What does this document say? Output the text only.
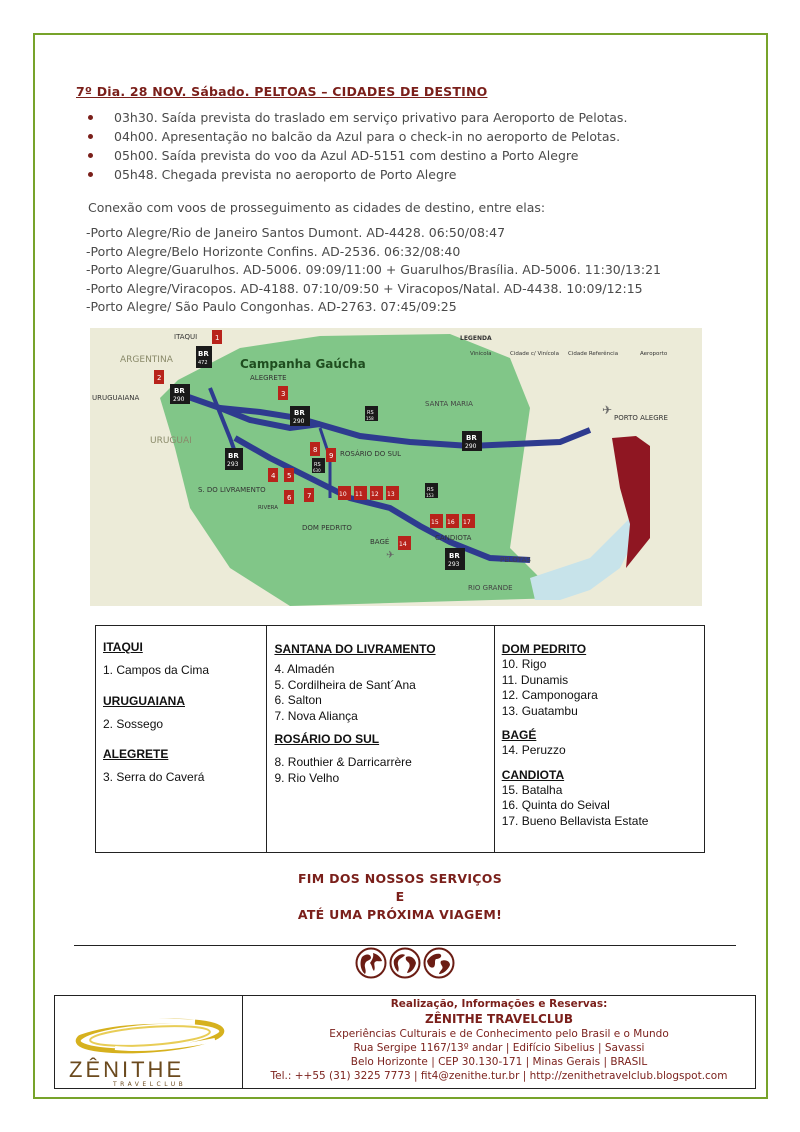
7º Dia. 28 NOV. Sábado. PELTOAS – CIDADES DE DESTINO
03h30. Saída prevista do traslado em serviço privativo para Aeroporto de Pelotas.
04h00. Apresentação no balcão da Azul para o check-in no aeroporto de Pelotas.
05h00. Saída prevista do voo da Azul AD-5151 com destino a Porto Alegre
05h48. Chegada prevista no aeroporto de Porto Alegre
Conexão com voos de prosseguimento as cidades de destino, entre elas:
-Porto Alegre/Rio de Janeiro Santos Dumont. AD-4428. 06:50/08:47
-Porto Alegre/Belo Horizonte Confins. AD-2536. 06:32/08:40
-Porto Alegre/Guarulhos. AD-5006. 09:09/11:00 + Guarulhos/Brasília. AD-5006. 11:30/13:21
-Porto Alegre/Viracopos. AD-4188. 07:10/09:50 + Viracopos/Natal. AD-4438. 10:09/12:15
-Porto Alegre/ São Paulo Congonhas. AD-2763. 07:45/09:25
ARGENTINA
URUGUAI
Campanha Gaúcha
LEGENDA
Vinícola	Cidade c/ Vinícola Cidade Referência	Aeroporto
ITAQUI
URUGUAIANA
ALEGRETE
SANTA MARIA
PORTO ALEGRE
ROSÁRIO DO SUL
S. DO LIVRAMENTO
RIVERA
DOM PEDRITO
CANDIOTA
BAGÉ
PELOTAS
RIO GRANDE
BR
290
BR
472
BR
290
BR
290
BR
293
BR
293
RS
158
RS
630
RS
153
1
2
3
4 5
6 7
8
9
10 11 12 13
14
15 16 17
✈
✈
ITAQUI
1. Campos da Cima
URUGUAIANA
2. Sossego
ALEGRETE
3. Serra do Caverá
SANTANA DO LIVRAMENTO
4. Almadén
5. Cordilheira de Sant´Ana
6. Salton
7. Nova Aliança
ROSÁRIO DO SUL
8. Routhier & Darricarrère
9. Rio Velho
DOM PEDRITO
10. Rigo
11. Dunamis
12. Camponogara
13. Guatambu
BAGÉ
14. Peruzzo
CANDIOTA
15. Batalha
16. Quinta do Seival
17. Bueno Bellavista Estate
FIM DOS NOSSOS SERVIÇOS
E
ATÉ UMA PRÓXIMA VIAGEM!
ZÊNITHE
TRAVELCLUB
Realização, Informações e Reservas:
ZÊNITHE TRAVELCLUB
Experiências Culturais e de Conhecimento pelo Brasil e o Mundo
Rua Sergipe 1167/13º andar | Edifício Sibelius | Savassi
Belo Horizonte | CEP 30.130-171 | Minas Gerais | BRASIL
Tel.: ++55 (31) 3225 7773 | fit4@zenithe.tur.br | http://zenithetravelclub.blogspot.com
